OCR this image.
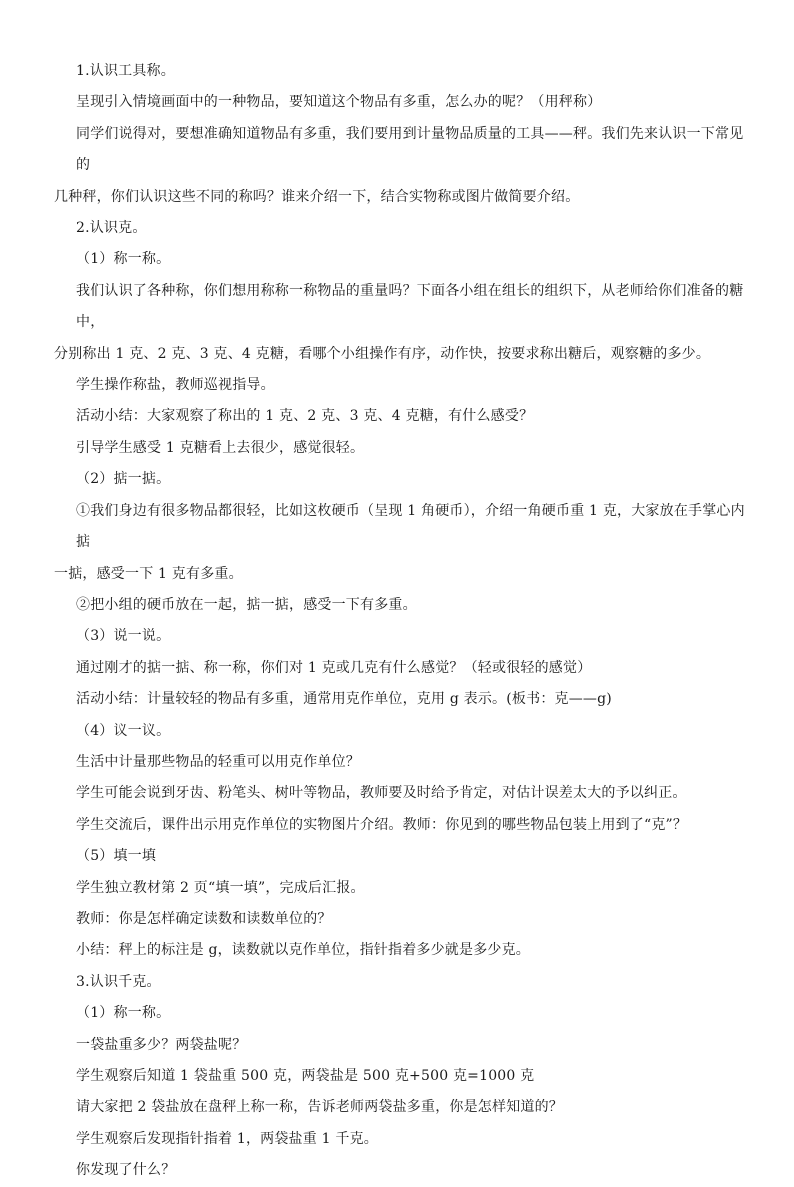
1.认识工具称。

呈现引入情境画面中的一种物品，要知道这个物品有多重，怎么办的呢？（用秤称）

同学们说得对，要想准确知道物品有多重，我们要用到计量物品质量的工具——秤。我们先来认识一下常见的

几种秤，你们认识这些不同的称吗？谁来介绍一下，结合实物称或图片做简要介绍。

2.认识克。

（1）称一称。

我们认识了各种称，你们想用称称一称物品的重量吗？下面各小组在组长的组织下，从老师给你们准备的糖中，

分别称出 1 克、2 克、3 克、4 克糖，看哪个小组操作有序，动作快，按要求称出糖后，观察糖的多少。

学生操作称盐，教师巡视指导。

活动小结：大家观察了称出的 1 克、2 克、3 克、4 克糖，有什么感受？

引导学生感受 1 克糖看上去很少，感觉很轻。

（2）掂一掂。

①我们身边有很多物品都很轻，比如这枚硬币（呈现 1 角硬币），介绍一角硬币重 1 克，大家放在手掌心内掂

一掂，感受一下 1 克有多重。

②把小组的硬币放在一起，掂一掂，感受一下有多重。

（3）说一说。

通过刚才的掂一掂、称一称，你们对 1 克或几克有什么感觉？（轻或很轻的感觉）

活动小结：计量较轻的物品有多重，通常用克作单位，克用 g 表示。(板书：克——g)

（4）议一议。

生活中计量那些物品的轻重可以用克作单位？

学生可能会说到牙齿、粉笔头、树叶等物品，教师要及时给予肯定，对估计误差太大的予以纠正。

学生交流后，课件出示用克作单位的实物图片介绍。教师：你见到的哪些物品包装上用到了“克”？

（5）填一填

学生独立教材第 2 页“填一填”，完成后汇报。

教师：你是怎样确定读数和读数单位的？

小结：秤上的标注是 g，读数就以克作单位，指针指着多少就是多少克。

3.认识千克。

（1）称一称。

一袋盐重多少？两袋盐呢？

学生观察后知道 1 袋盐重 500 克，两袋盐是 500 克+500 克=1000 克

请大家把 2 袋盐放在盘秤上称一称，告诉老师两袋盐多重，你是怎样知道的？

学生观察后发现指针指着 1，两袋盐重 1 千克。

你发现了什么？
